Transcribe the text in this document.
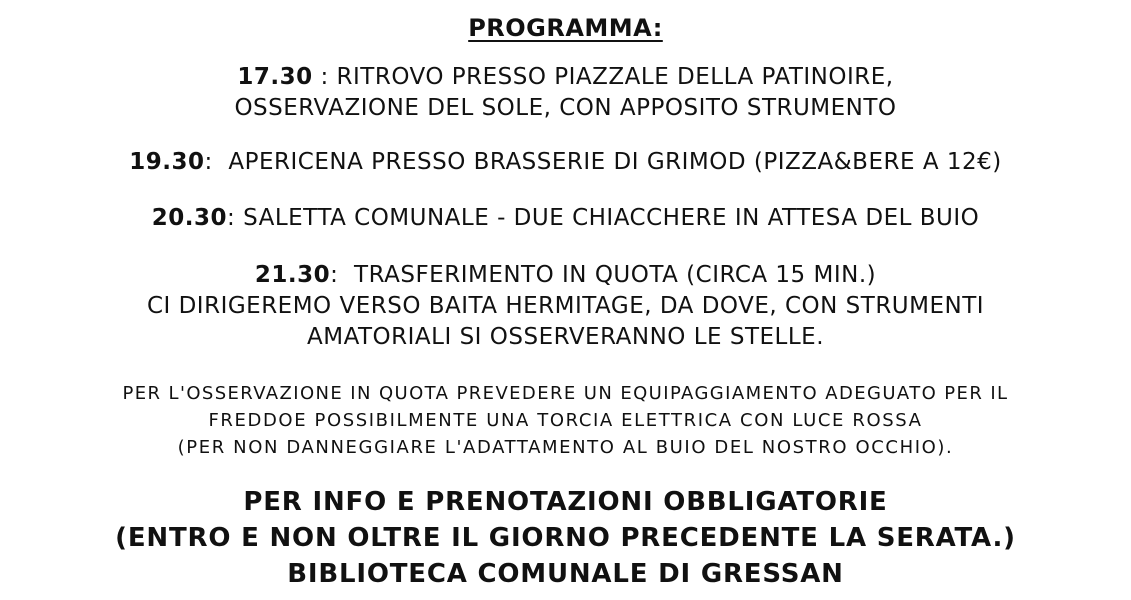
PROGRAMMA:
17.30 : RITROVO PRESSO PIAZZALE DELLA PATINOIRE,
OSSERVAZIONE DEL SOLE, CON APPOSITO STRUMENTO
19.30:  APERICENA PRESSO BRASSERIE DI GRIMOD (PIZZA&BERE A 12€)
20.30: SALETTA COMUNALE - DUE CHIACCHERE IN ATTESA DEL BUIO
21.30:  TRASFERIMENTO IN QUOTA (CIRCA 15 MIN.)
CI DIRIGEREMO VERSO BAITA HERMITAGE, DA DOVE, CON STRUMENTI
AMATORIALI SI OSSERVERANNO LE STELLE.
PER L'OSSERVAZIONE IN QUOTA PREVEDERE UN EQUIPAGGIAMENTO ADEGUATO PER IL
FREDDOE POSSIBILMENTE UNA TORCIA ELETTRICA CON LUCE ROSSA
(PER NON DANNEGGIARE L'ADATTAMENTO AL BUIO DEL NOSTRO OCCHIO).
PER INFO E PRENOTAZIONI OBBLIGATORIE
(ENTRO E NON OLTRE IL GIORNO PRECEDENTE LA SERATA.)
BIBLIOTECA COMUNALE DI GRESSAN
